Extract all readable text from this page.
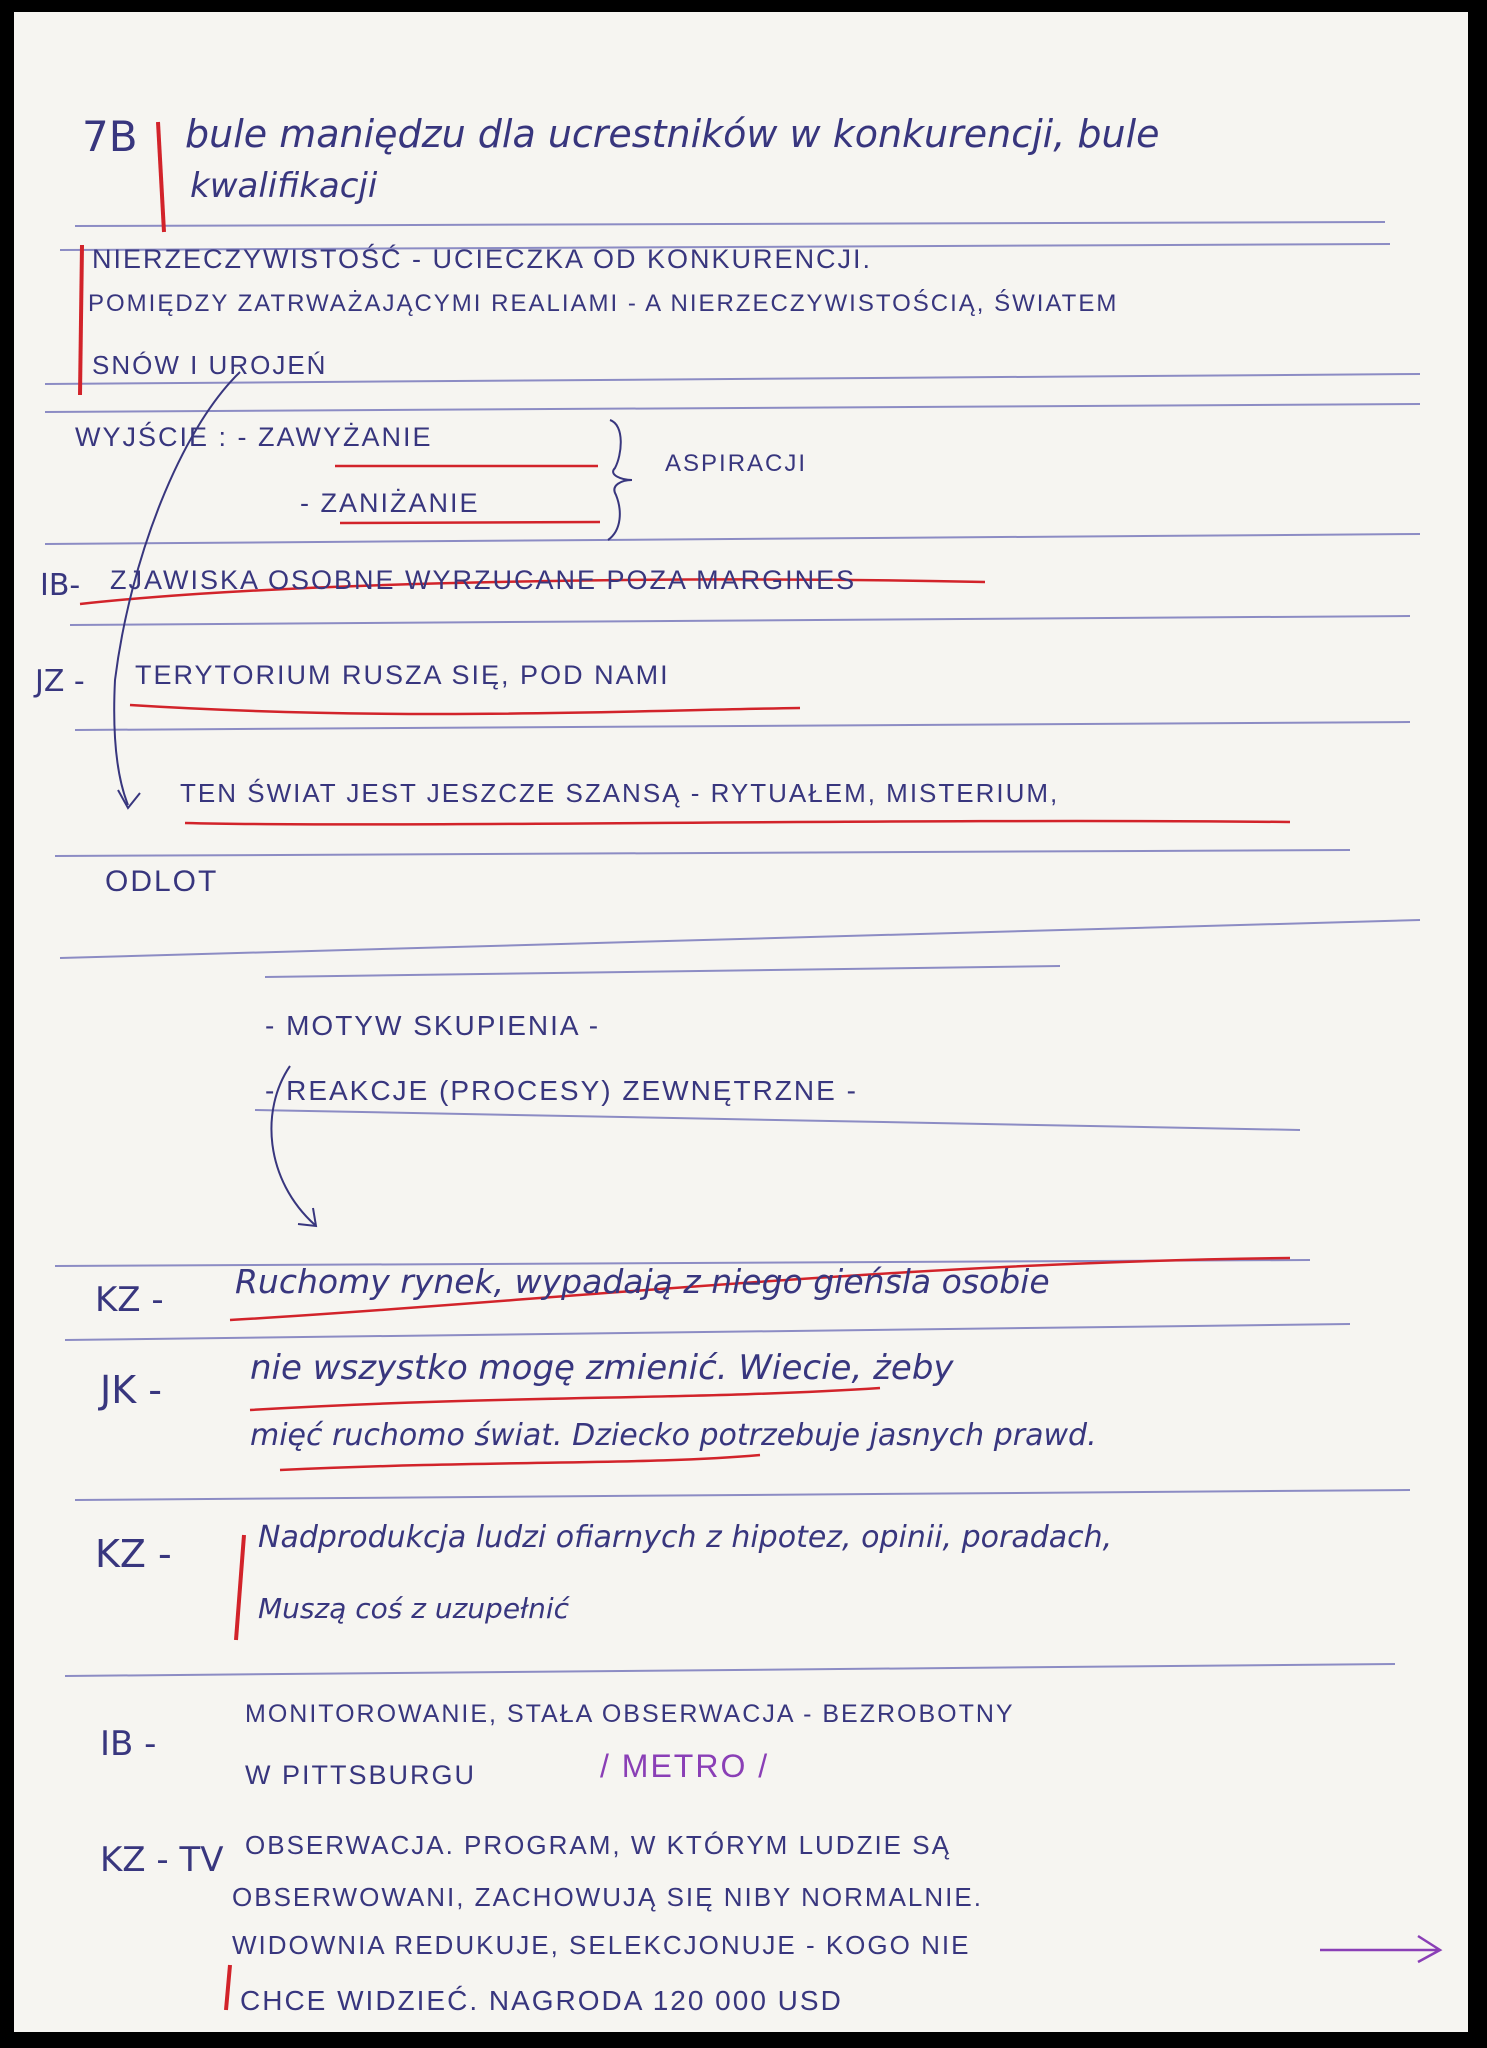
7B bule maniędzu dla ucrestników w konkurencji, bule
kwalifikacji
NIERZECZYWISTOŚĆ - UCIECZKA OD KONKURENCJI.
POMIĘDZY ZATRWAŻAJĄCYMI REALIAMI - A NIERZECZYWISTOŚCIĄ, ŚWIATEM
SNÓW I UROJEŃ
WYJŚCIE : - ZAWYŻANIE
- ZANIŻANIE
ASPIRACJI
IB- ZJAWISKA OSOBNE WYRZUCANE POZA MARGINES
JZ - TERYTORIUM RUSZA SIĘ, POD NAMI
TEN ŚWIAT JEST JESZCZE SZANSĄ - RYTUAŁEM, MISTERIUM,
ODLOT
- MOTYW SKUPIENIA -
- REAKCJE (PROCESY) ZEWNĘTRZNE -
KZ - Ruchomy rynek, wypadają z niego gieńsla osobie
JK -	nie wszystko mogę zmienić. Wiecie, żeby
mięć ruchomo świat. Dziecko potrzebuje jasnych prawd.
KZ -	Nadprodukcja ludzi ofiarnych z hipotez, opinii, poradach,
Muszą coś z uzupełnić
IB -
MONITOROWANIE, STAŁA OBSERWACJA - BEZROBOTNY
W PITTSBURGU	/ METRO /
KZ - TV OBSERWACJA. PROGRAM, W KTÓRYM LUDZIE SĄ
OBSERWOWANI, ZACHOWUJĄ SIĘ NIBY NORMALNIE.
WIDOWNIA REDUKUJE, SELEKCJONUJE - KOGO NIE
CHCE WIDZIEĆ. NAGRODA 120 000 USD
